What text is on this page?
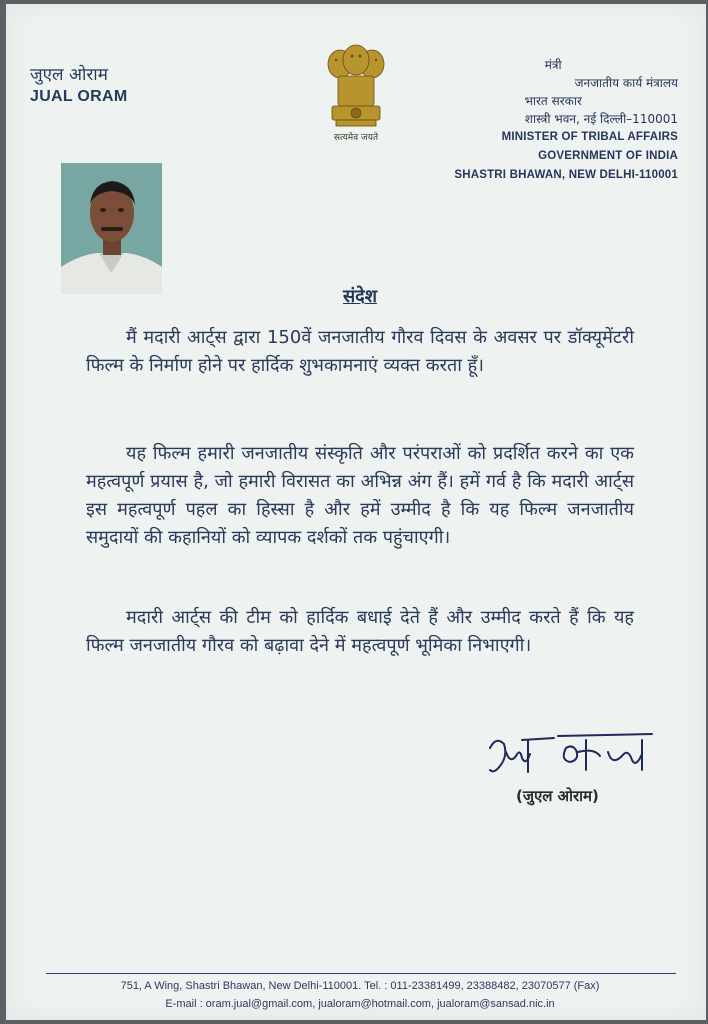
जुएल ओराम
JUAL ORAM
सत्यमेव जयते
मंत्री
जनजातीय कार्य मंत्रालय
भारत सरकार
शास्त्री भवन, नई दिल्ली–110001
MINISTER OF TRIBAL AFFAIRS
GOVERNMENT OF INDIA
SHASTRI BHAWAN, NEW DELHI-110001
संदेश
मैं मदारी आर्ट्स द्वारा 150वें जनजातीय गौरव दिवस के अवसर पर डॉक्यूमेंटरी फिल्म के निर्माण होने पर हार्दिक शुभकामनाएं व्यक्त करता हूँ।
यह फिल्म हमारी जनजातीय संस्कृति और परंपराओं को प्रदर्शित करने का एक महत्वपूर्ण प्रयास है, जो हमारी विरासत का अभिन्न अंग हैं। हमें गर्व है कि मदारी आर्ट्स इस महत्वपूर्ण पहल का हिस्सा है और हमें उम्मीद है कि यह फिल्म जनजातीय समुदायों की कहानियों को व्यापक दर्शकों तक पहुंचाएगी।
मदारी आर्ट्स की टीम को हार्दिक बधाई देते हैं और उम्मीद करते हैं कि यह फिल्म जनजातीय गौरव को बढ़ावा देने में महत्वपूर्ण भूमिका निभाएगी।
(जुएल ओराम)
751, A Wing, Shastri Bhawan, New Delhi-110001. Tel. : 011-23381499, 23388482, 23070577 (Fax)
E-mail : oram.jual@gmail.com, jualoram@hotmail.com, jualoram@sansad.nic.in
